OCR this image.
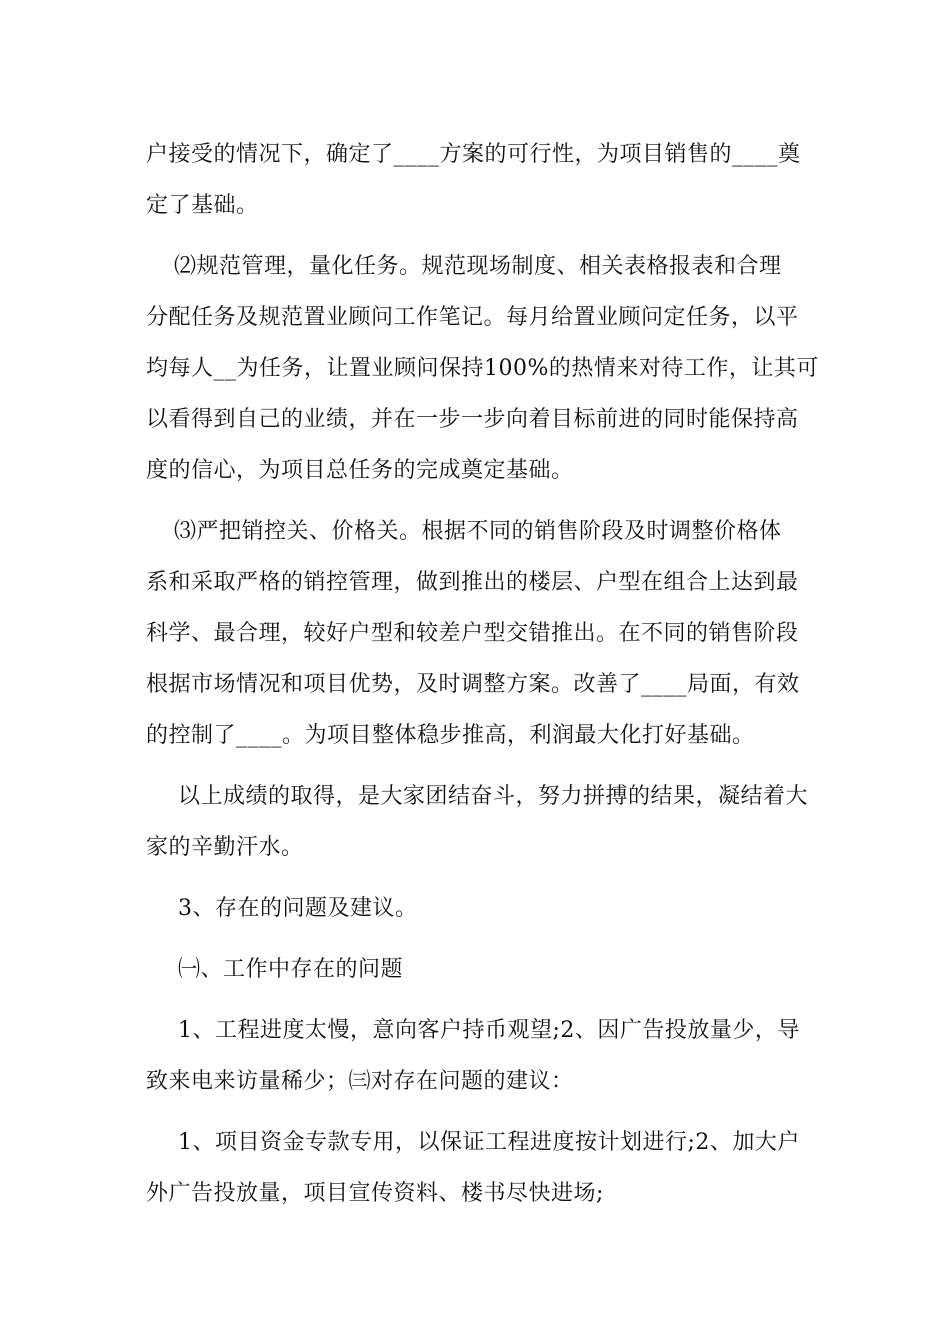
户接受的情况下，确定了____方案的可行性，为项目销售的____奠
定了基础。

⑵规范管理，量化任务。规范现场制度、相关表格报表和合理
分配任务及规范置业顾问工作笔记。每月给置业顾问定任务，以平
均每人__为任务，让置业顾问保持100%的热情来对待工作，让其可
以看得到自己的业绩，并在一步一步向着目标前进的同时能保持高
度的信心，为项目总任务的完成奠定基础。

⑶严把销控关、价格关。根据不同的销售阶段及时调整价格体
系和采取严格的销控管理，做到推出的楼层、户型在组合上达到最
科学、最合理，较好户型和较差户型交错推出。在不同的销售阶段
根据市场情况和项目优势，及时调整方案。改善了____局面，有效
的控制了____。为项目整体稳步推高，利润最大化打好基础。

以上成绩的取得，是大家团结奋斗，努力拼搏的结果，凝结着大
家的辛勤汗水。

3、存在的问题及建议。

㈠、工作中存在的问题

1、工程进度太慢，意向客户持币观望;2、因广告投放量少，导
致来电来访量稀少；㈢对存在问题的建议：

1、项目资金专款专用，以保证工程进度按计划进行;2、加大户
外广告投放量，项目宣传资料、楼书尽快进场;
